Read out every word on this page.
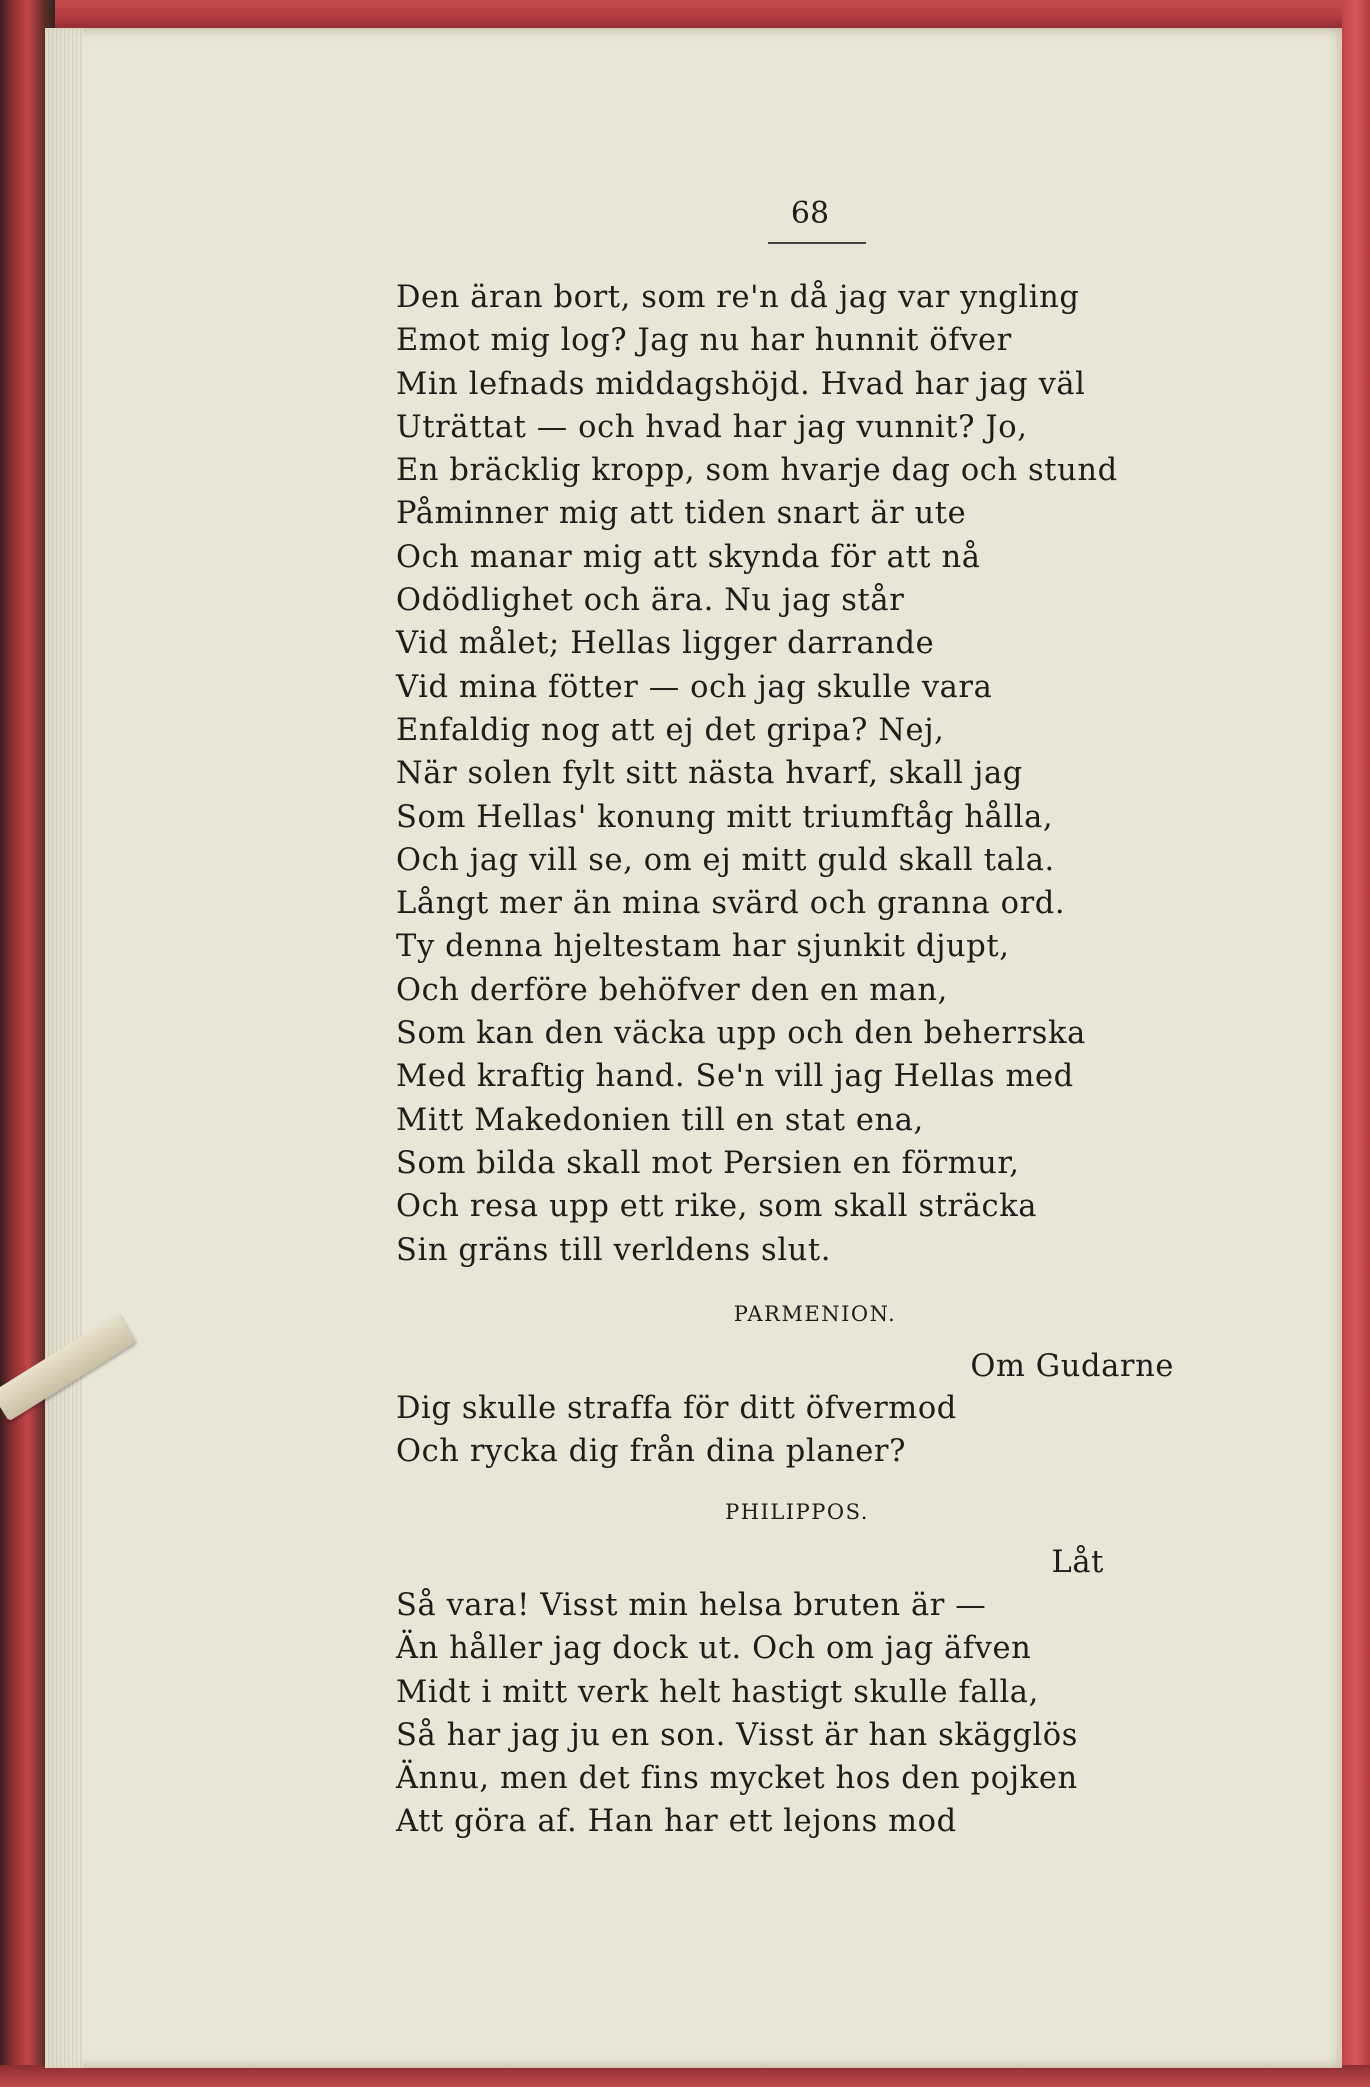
68
Den äran bort, som re'n då jag var yngling
Emot mig log? Jag nu har hunnit öfver
Min lefnads middagshöjd. Hvad har jag väl
Uträttat — och hvad har jag vunnit? Jo,
En bräcklig kropp, som hvarje dag och stund
Påminner mig att tiden snart är ute
Och manar mig att skynda för att nå
Odödlighet och ära. Nu jag står
Vid målet; Hellas ligger darrande
Vid mina fötter — och jag skulle vara
Enfaldig nog att ej det gripa? Nej,
När solen fylt sitt nästa hvarf, skall jag
Som Hellas' konung mitt triumftåg hålla,
Och jag vill se, om ej mitt guld skall tala.
Långt mer än mina svärd och granna ord.
Ty denna hjeltestam har sjunkit djupt,
Och derföre behöfver den en man,
Som kan den väcka upp och den beherrska
Med kraftig hand. Se'n vill jag Hellas med
Mitt Makedonien till en stat ena,
Som bilda skall mot Persien en förmur,
Och resa upp ett rike, som skall sträcka
Sin gräns till verldens slut.
PARMENION.
Om Gudarne
Dig skulle straffa för ditt öfvermod
Och rycka dig från dina planer?
PHILIPPOS.
Låt
Så vara! Visst min helsa bruten är —
Än håller jag dock ut. Och om jag äfven
Midt i mitt verk helt hastigt skulle falla,
Så har jag ju en son. Visst är han skägglös
Ännu, men det fins mycket hos den pojken
Att göra af. Han har ett lejons mod
